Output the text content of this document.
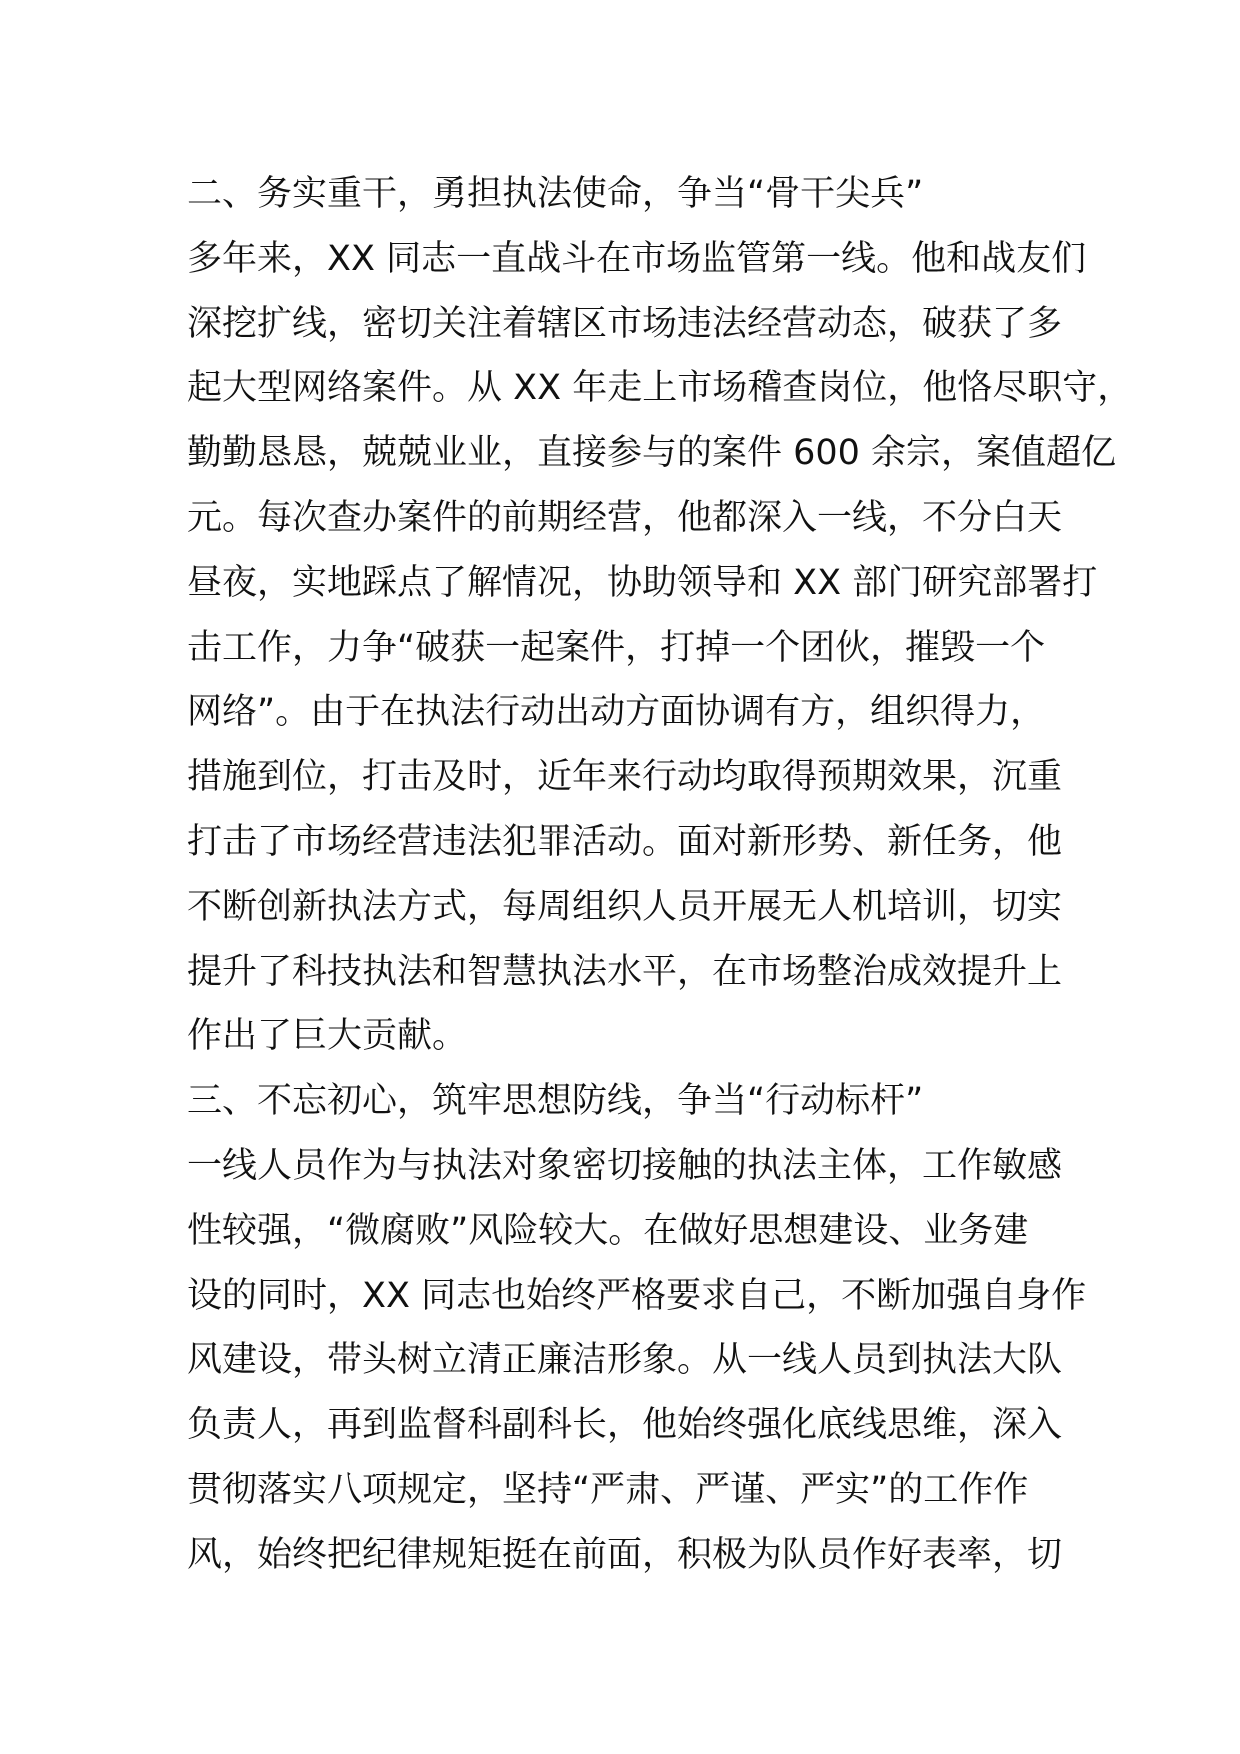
二、务实重干，勇担执法使命，争当“骨干尖兵”
多年来，XX 同志一直战斗在市场监管第一线。他和战友们
深挖扩线，密切关注着辖区市场违法经营动态，破获了多
起大型网络案件。从 XX 年走上市场稽查岗位，他恪尽职守，
勤勤恳恳，兢兢业业，直接参与的案件 600 余宗，案值超亿
元。每次查办案件的前期经营，他都深入一线，不分白天
昼夜，实地踩点了解情况，协助领导和 XX 部门研究部署打
击工作，力争“破获一起案件，打掉一个团伙，摧毁一个
网络”。由于在执法行动出动方面协调有方，组织得力，
措施到位，打击及时，近年来行动均取得预期效果，沉重
打击了市场经营违法犯罪活动。面对新形势、新任务，他
不断创新执法方式，每周组织人员开展无人机培训，切实
提升了科技执法和智慧执法水平，在市场整治成效提升上
作出了巨大贡献。
三、不忘初心，筑牢思想防线，争当“行动标杆”
一线人员作为与执法对象密切接触的执法主体，工作敏感
性较强，“微腐败”风险较大。在做好思想建设、业务建
设的同时，XX 同志也始终严格要求自己，不断加强自身作
风建设，带头树立清正廉洁形象。从一线人员到执法大队
负责人，再到监督科副科长，他始终强化底线思维，深入
贯彻落实八项规定，坚持“严肃、严谨、严实”的工作作
风，始终把纪律规矩挺在前面，积极为队员作好表率，切
